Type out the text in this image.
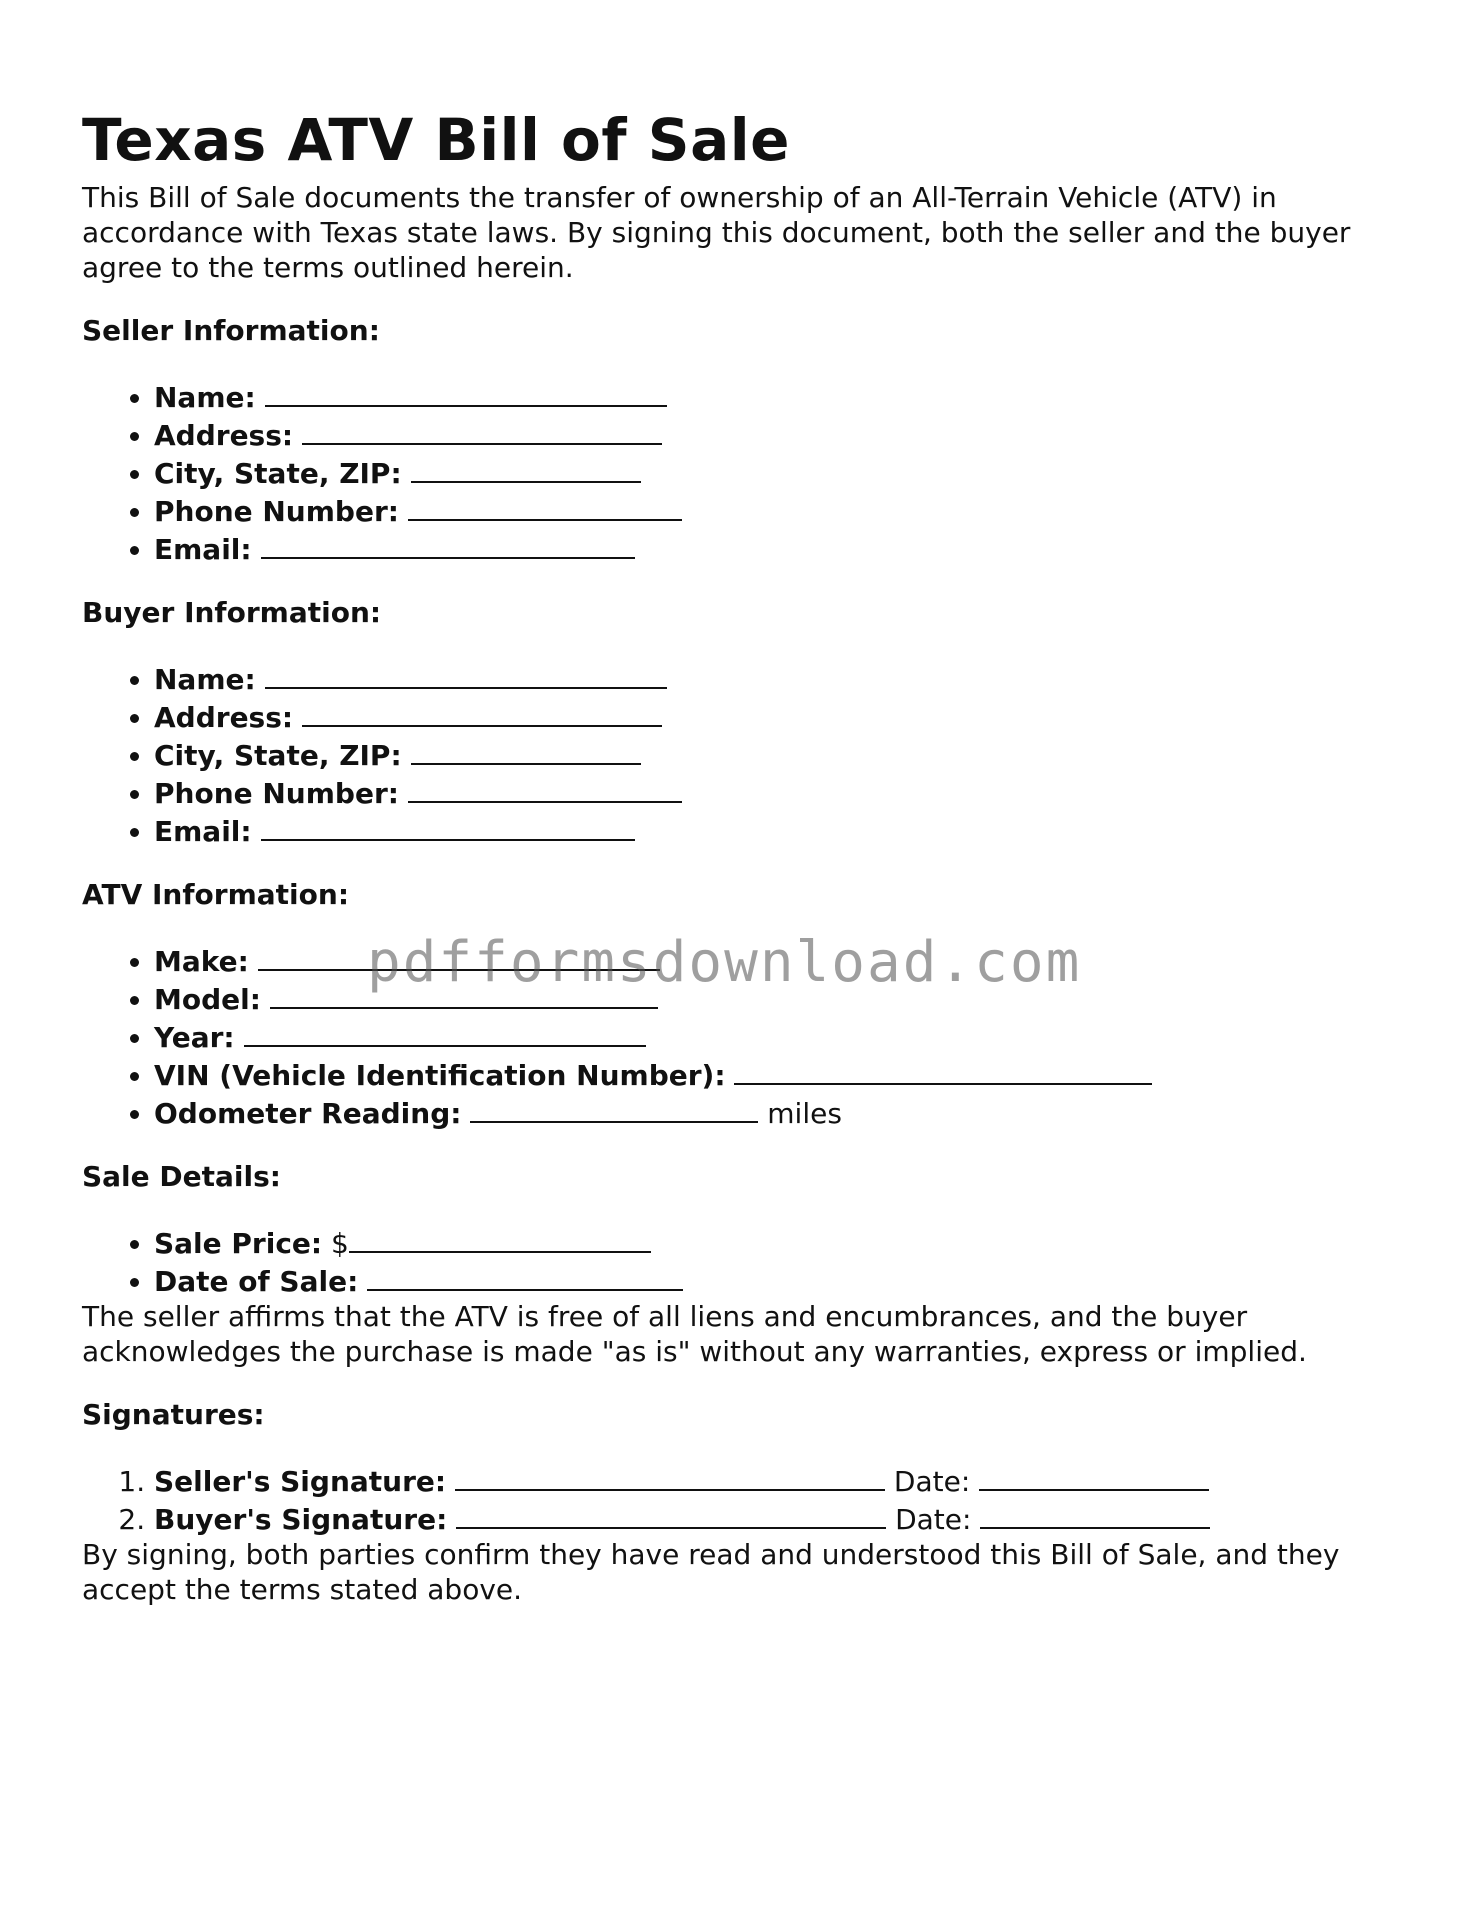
Texas ATV Bill of Sale

This Bill of Sale documents the transfer of ownership of an All-Terrain Vehicle (ATV) in accordance with Texas state laws. By signing this document, both the seller and the buyer agree to the terms outlined herein.

Seller Information:
• Name:
• Address:
• City, State, ZIP:
• Phone Number:
• Email:
Buyer Information:
• Name:
• Address:
• City, State, ZIP:
• Phone Number:
• Email:
ATV Information:
• Make:
• Model:
• Year:
• VIN (Vehicle Identification Number):
• Odometer Reading:	miles
Sale Details:
• Sale Price: $
• Date of Sale:

The seller affirms that the ATV is free of all liens and encumbrances, and the buyer acknowledges the purchase is made "as is" without any warranties, express or implied.

Signatures:
1. Seller's Signature:	Date:
2. Buyer's Signature:	Date:

By signing, both parties confirm they have read and understood this Bill of Sale, and they accept the terms stated above.

pdfformsdownload.com
